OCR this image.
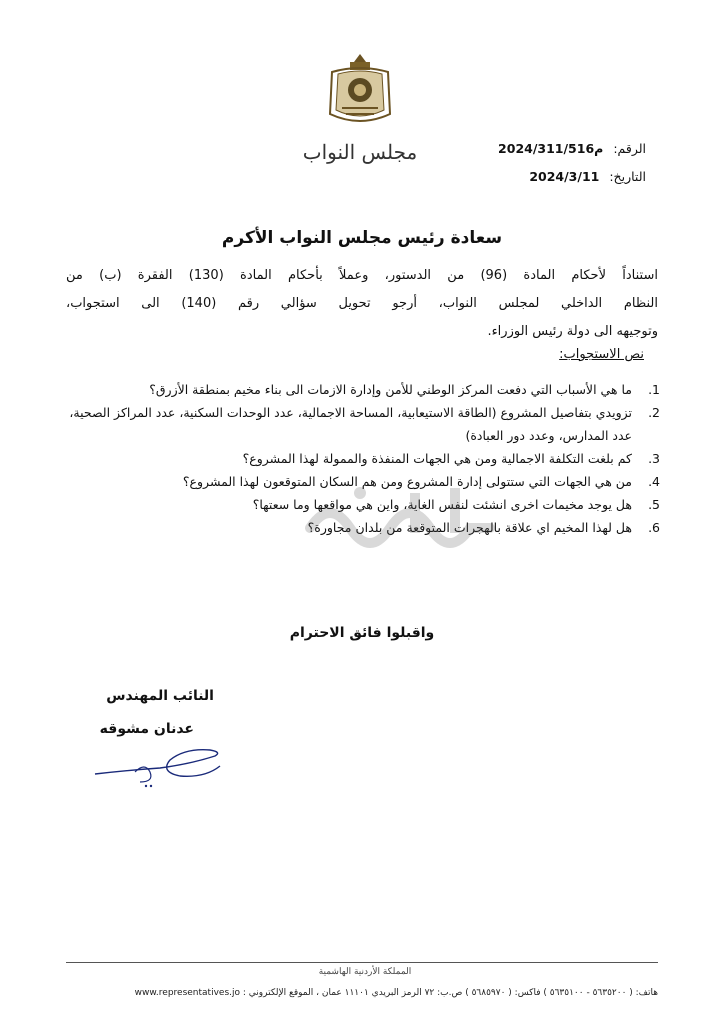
مجلس النواب	الرقم: م2024/311/516
التاريخ: 2024/3/11
سعادة رئيس مجلس النواب الأكرم
استناداً لأحكام المادة (96) من الدستور، وعملاً بأحكام المادة (130) الفقرة (ب) من
النظام الداخلي لمجلس النواب، أرجو تحويل سؤالي رقم (140) الى استجواب،
وتوجيهه الى دولة رئيس الوزراء.
نص الاستجواب:
1.
ما هي الأسباب التي دفعت المركز الوطني للأمن وإدارة الازمات الى بناء مخيم بمنطقة الأزرق؟
2.
تزويدي بتفاصيل المشروع (الطاقة الاستيعابية، المساحة الاجمالية، عدد الوحدات السكنية، عدد المراكز الصحية، عدد المدارس، وعدد دور العبادة)
3.
كم بلغت التكلفة الاجمالية ومن هي الجهات المنفذة والممولة لهذا المشروع؟
4.
من هي الجهات التي ستتولى إدارة المشروع ومن هم السكان المتوقعون لهذا المشروع؟
5.
هل يوجد مخيمات اخرى انشئت لنفس الغاية، واين هي مواقعها وما سعتها؟
6.
هل لهذا المخيم اي علاقة بالهجرات المتوقعة من بلدان مجاورة؟
واقبلوا فائق الاحترام
النائب المهندس
عدنان مشوقه
المملكة الأردنية الهاشمية
هاتف: ( ٥٦٣٥٢٠٠ - ٥٦٣٥١٠٠ ) فاكس: ( ٥٦٨٥٩٧٠ ) ص.ب: ٧٢ الرمز البريدي ١١١٠١ عمان ، الموقع الإلكتروني : www.representatives.jo
